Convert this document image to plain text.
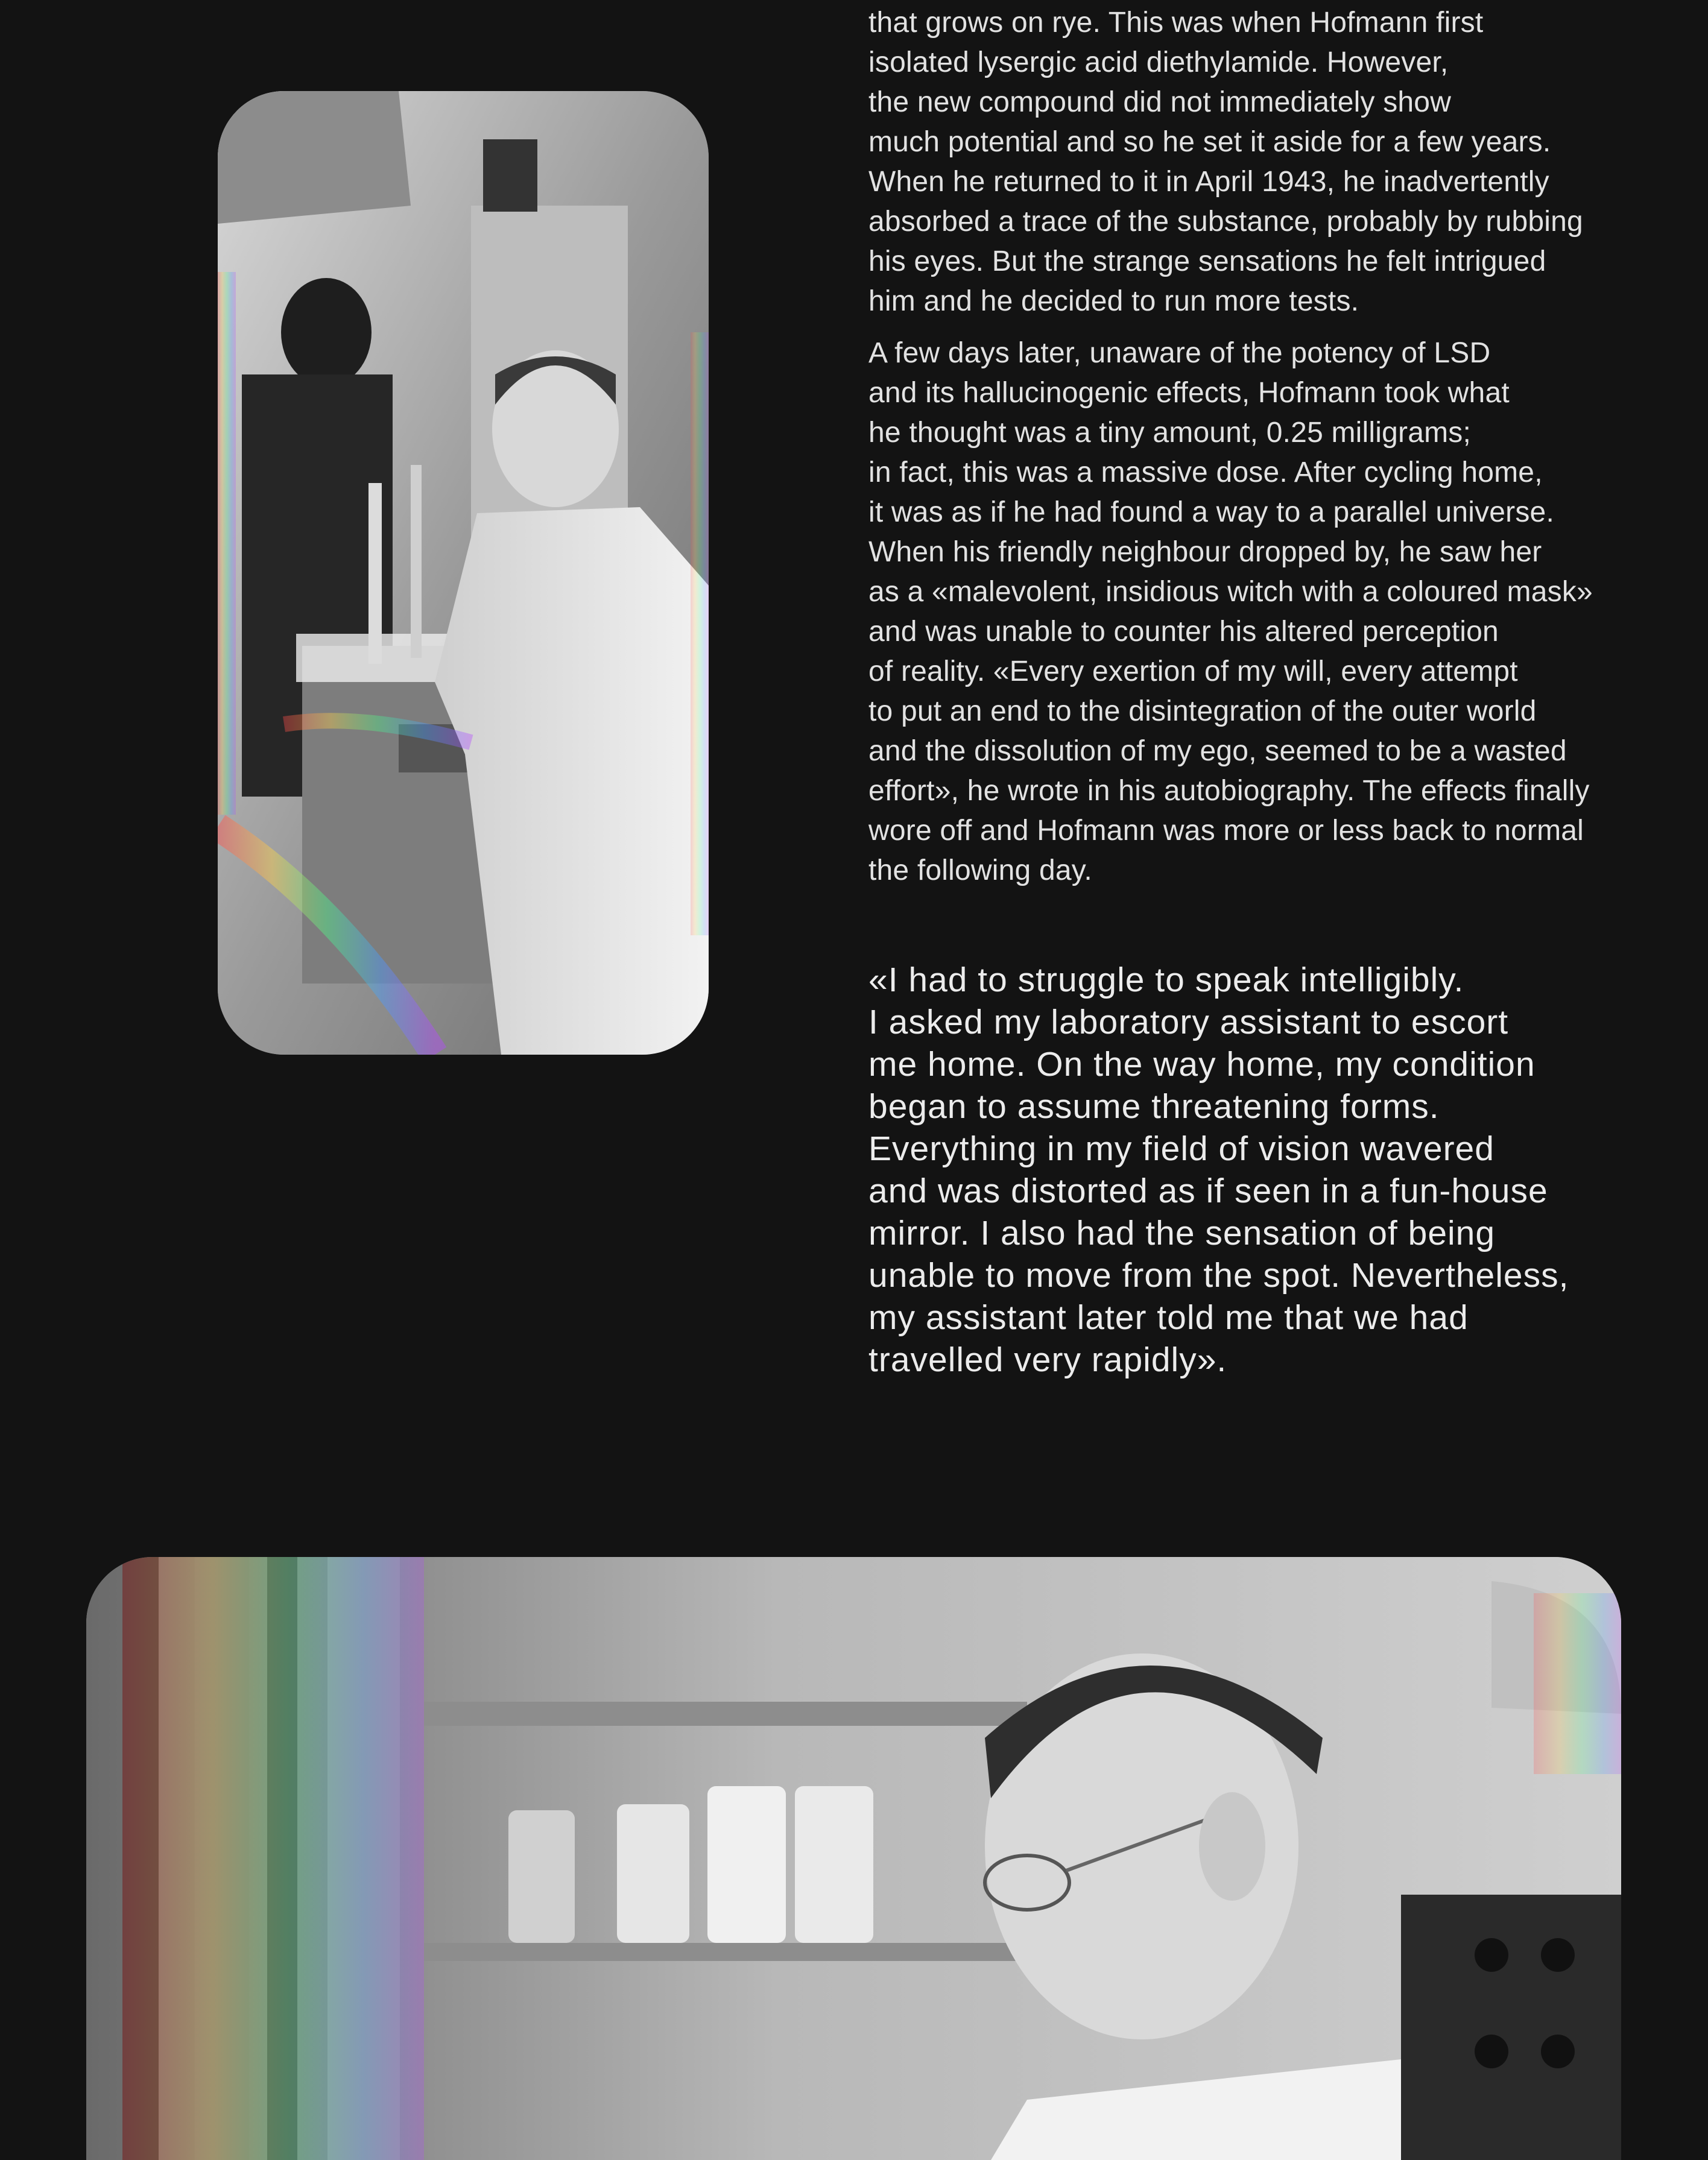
that grows on rye. This was when Hofmann first
isolated lysergic acid diethylamide. However,
the new compound did not immediately show
much potential and so he set it aside for a few years.
When he returned to it in April 1943, he inadvertently
absorbed a trace of the substance, probably by rubbing
his eyes. But the strange sensations he felt intrigued
him and he decided to run more tests.

A few days later, unaware of the potency of LSD
and its hallucinogenic effects, Hofmann took what
he thought was a tiny amount, 0.25 milligrams;
in fact, this was a massive dose. After cycling home,
it was as if he had found a way to a parallel universe.
When his friendly neighbour dropped by, he saw her
as a «malevolent, insidious witch with a coloured mask»
and was unable to counter his altered perception
of reality. «Every exertion of my will, every attempt
to put an end to the disintegration of the outer world
and the dissolution of my ego, seemed to be a wasted
effort», he wrote in his autobiography. The effects finally
wore off and Hofmann was more or less back to normal
the following day.

«I had to struggle to speak intelligibly.
I asked my laboratory assistant to escort
me home. On the way home, my condition
began to assume threatening forms.
Everything in my field of vision wavered
and was distorted as if seen in a fun-house
mirror. I also had the sensation of being
unable to move from the spot. Nevertheless,
my assistant later told me that we had
travelled very rapidly».
